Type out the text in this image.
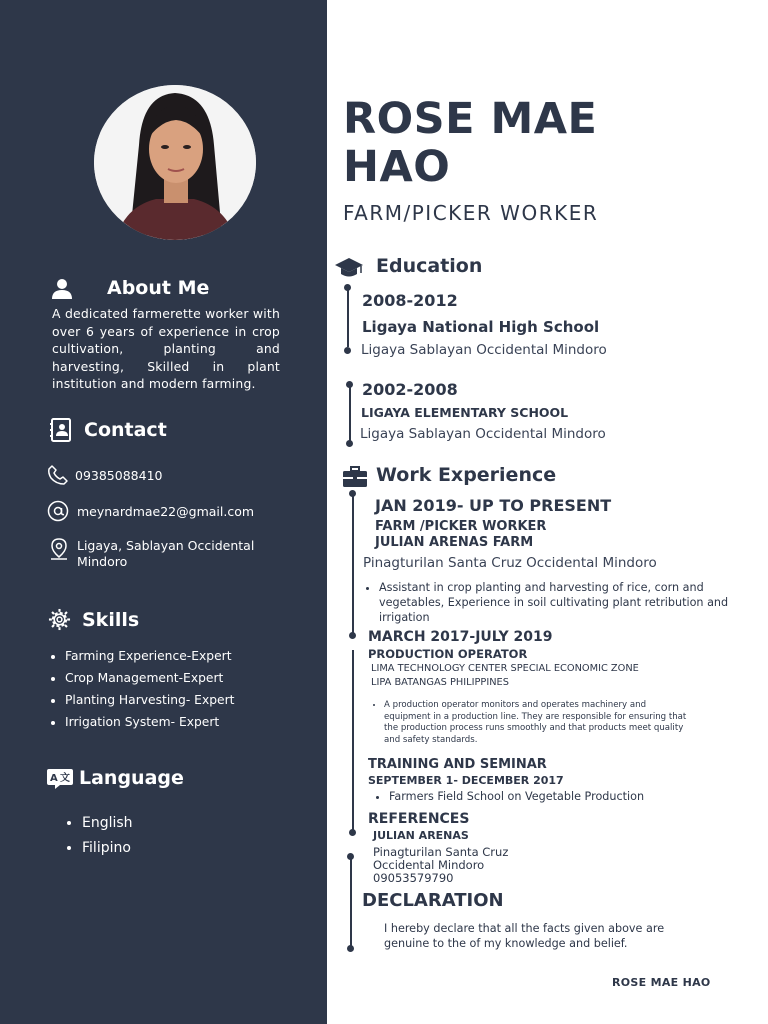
About Me
A dedicated farmerette worker with over 6 years of experience in crop cultivation, planting and harvesting, Skilled in plant institution and modern farming.
Contact
09385088410
meynardmae22@gmail.com
Ligaya, Sablayan Occidental
Mindoro
Skills
• Farming Experience-Expert
• Crop Management-Expert
• Planting Harvesting- Expert
• Irrigation System- Expert
A 文 Language
• English
• Filipino
ROSE MAE
HAO
FARM/PICKER WORKER
Education
2008-2012
Ligaya National High School
Ligaya Sablayan Occidental Mindoro
2002-2008
LIGAYA ELEMENTARY SCHOOL
Ligaya Sablayan Occidental Mindoro
Work Experience
JAN 2019- UP TO PRESENT
FARM /PICKER WORKER
JULIAN ARENAS FARM
Pinagturilan Santa Cruz Occidental Mindoro
• Assistant in crop planting and harvesting of rice, corn and vegetables, Experience in soil cultivating plant retribution and irrigation
MARCH 2017-JULY 2019
PRODUCTION OPERATOR
LIMA TECHNOLOGY CENTER SPECIAL ECONOMIC ZONE
LIPA BATANGAS PHILIPPINES
• A production operator monitors and operates machinery and equipment in a production line. They are responsible for ensuring that the production process runs smoothly and that products meet quality and safety standards.
TRAINING AND SEMINAR
SEPTEMBER 1- DECEMBER 2017
• Farmers Field School on Vegetable Production
REFERENCES
JULIAN ARENAS
Pinagturilan Santa Cruz
Occidental Mindoro
09053579790
DECLARATION
I hereby declare that all the facts given above are genuine to the of my knowledge and belief.
ROSE MAE HAO
